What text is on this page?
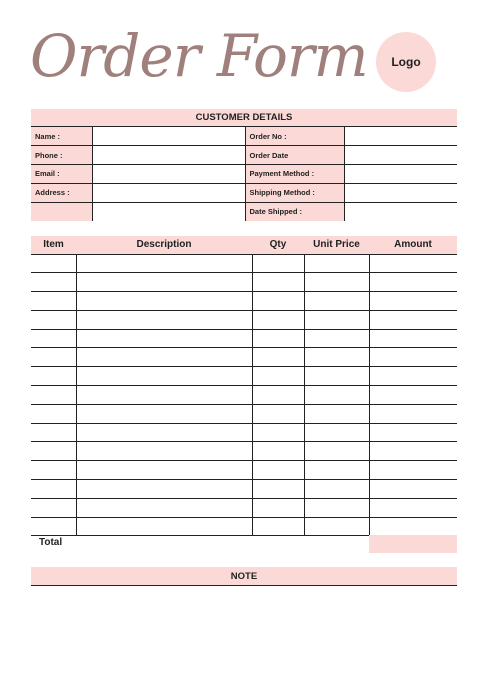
Order Form	Logo
CUSTOMER DETAILS
Name :		Order No :	
Phone :		Order Date	
Email :		Payment Method :	
Address :		Shipping Method :	
		Date Shipped :	
Item	Description	Qty	Unit Price	Amount

Total
NOTE
